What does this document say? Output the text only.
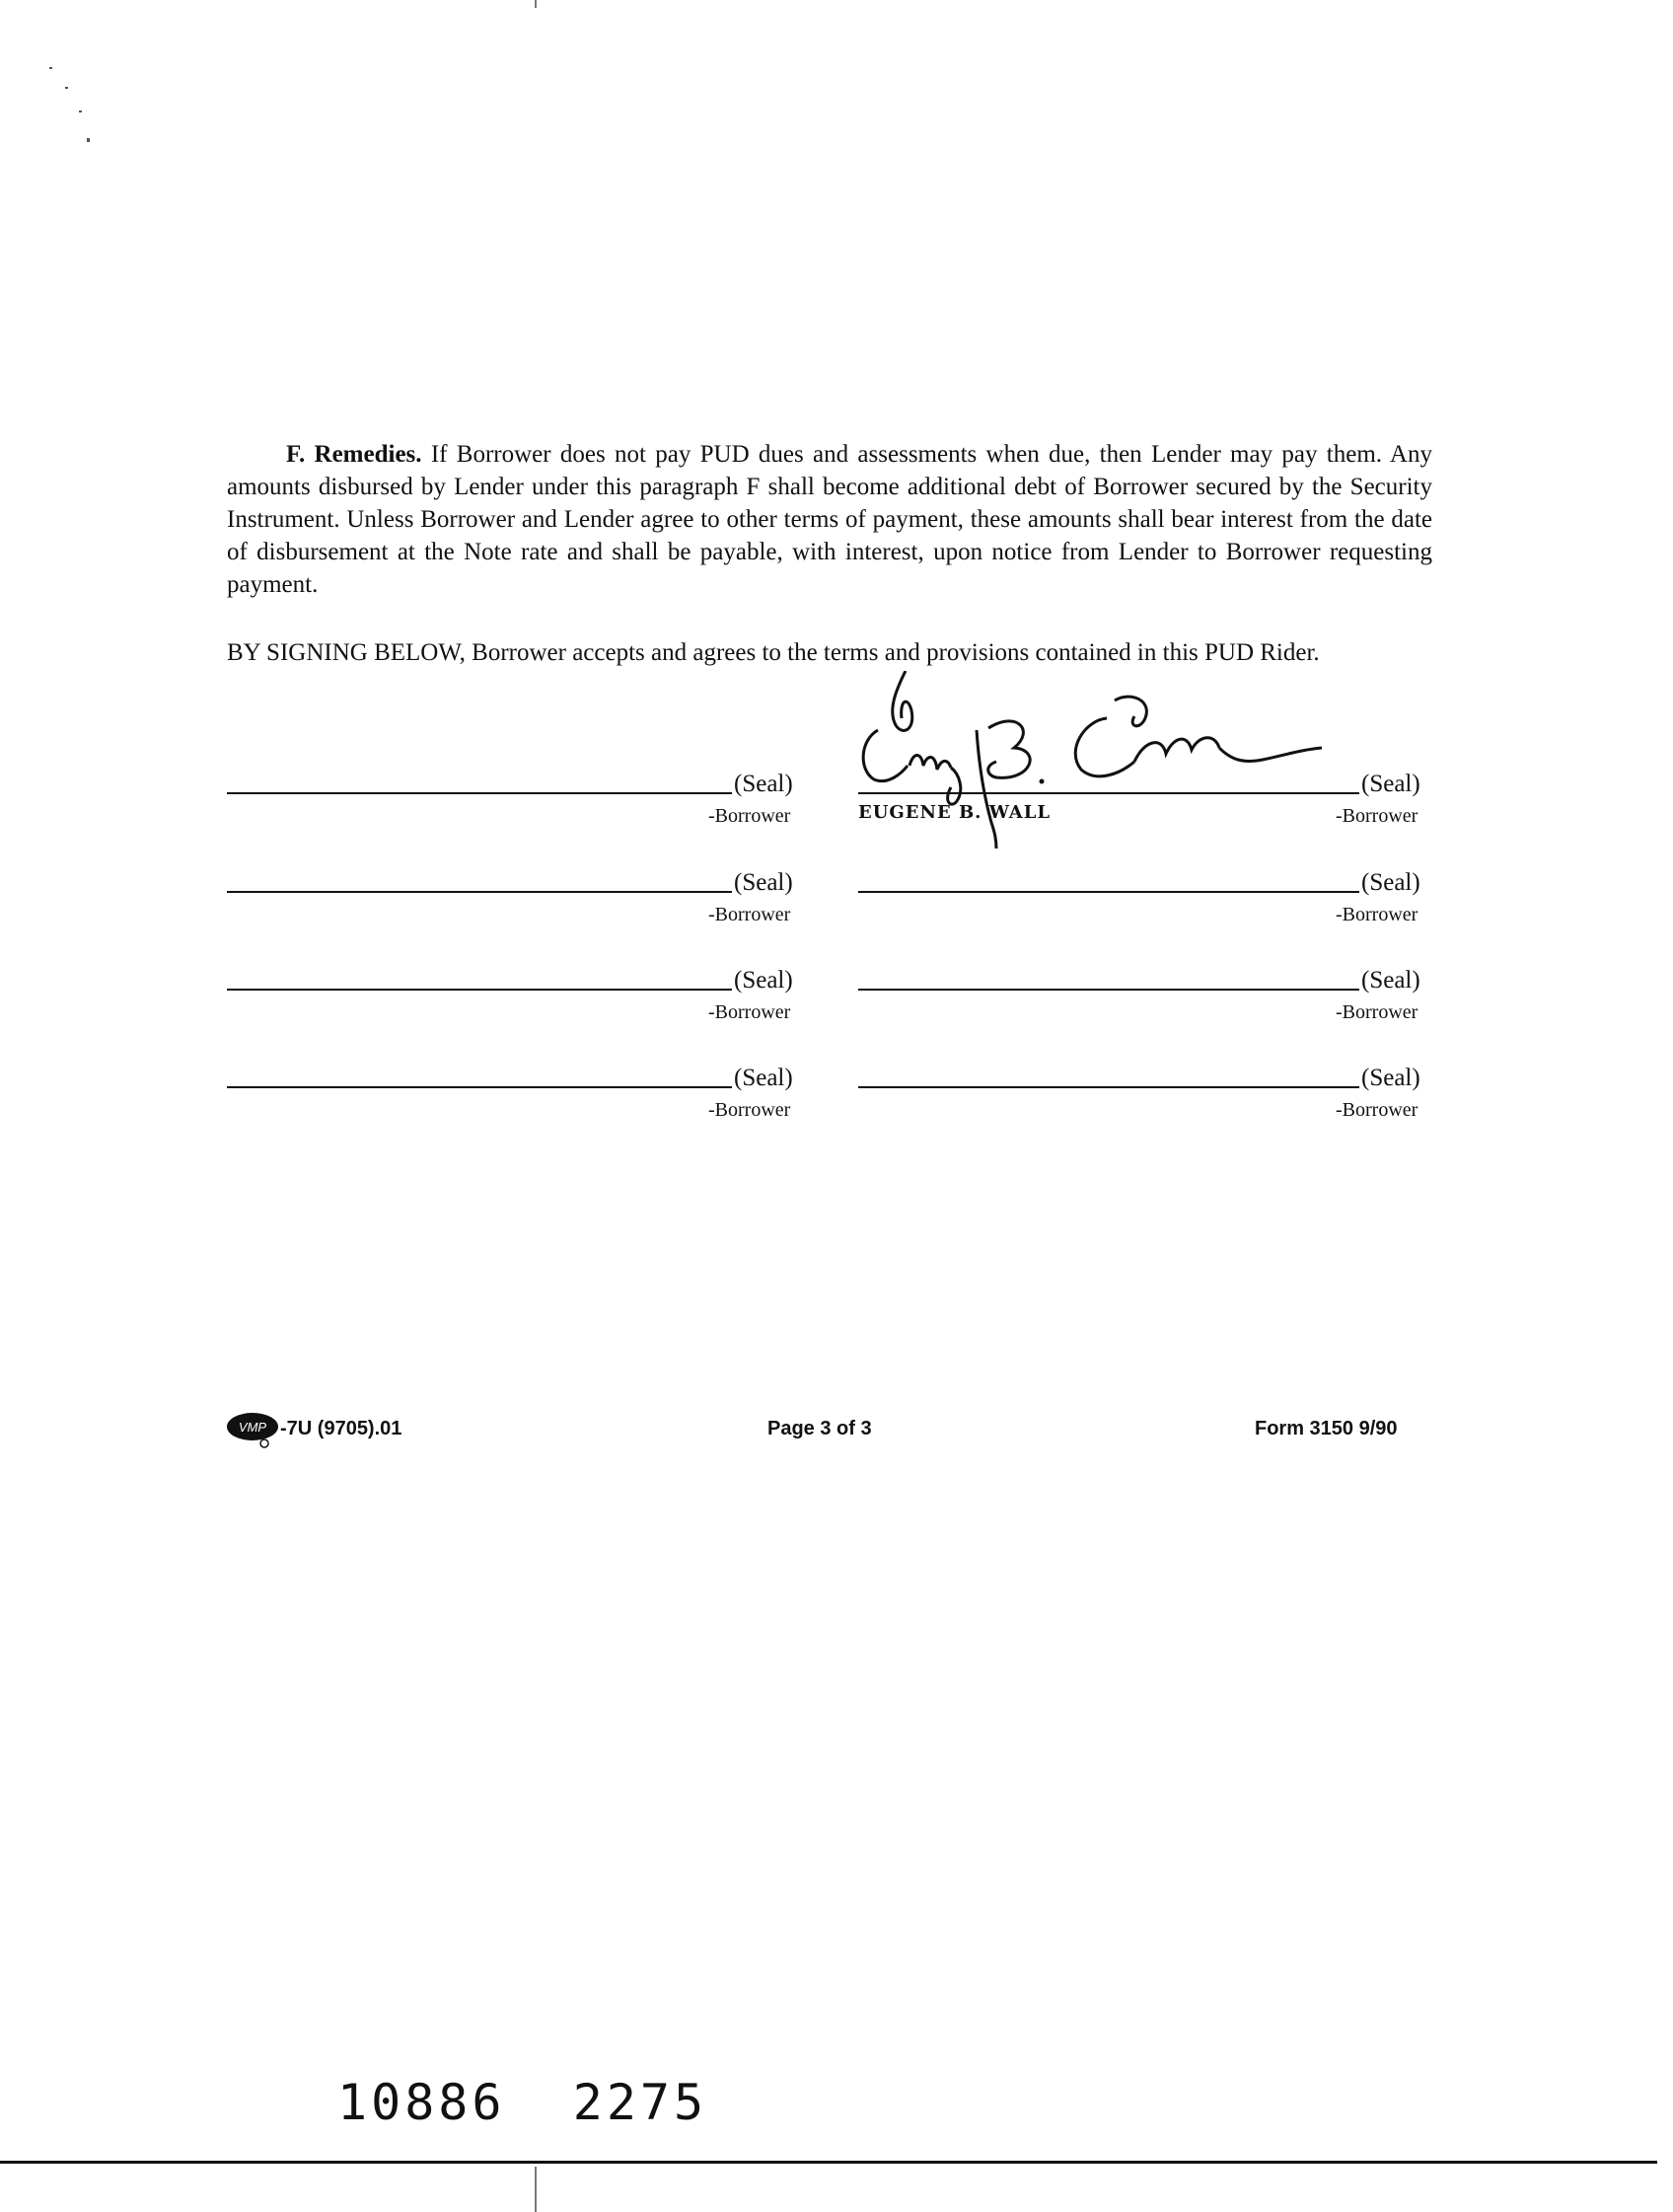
F. Remedies. If Borrower does not pay PUD dues and assessments when due, then Lender may pay them. Any amounts disbursed by Lender under this paragraph F shall become additional debt of Borrower secured by the Security Instrument. Unless Borrower and Lender agree to other terms of payment, these amounts shall bear interest from the date of disbursement at the Note rate and shall be payable, with interest, upon notice from Lender to Borrower requesting payment.

BY SIGNING BELOW, Borrower accepts and agrees to the terms and provisions contained in this PUD Rider.

(Seal)
-Borrower
(Seal)
-Borrower
(Seal)
-Borrower
(Seal)
-Borrower
(Seal)
-Borrower
EUGENE B. WALL
(Seal)
-Borrower
(Seal)
-Borrower
(Seal)
-Borrower
VMP -7U (9705).01	Page 3 of 3	Form 3150 9/90
10886  2275
